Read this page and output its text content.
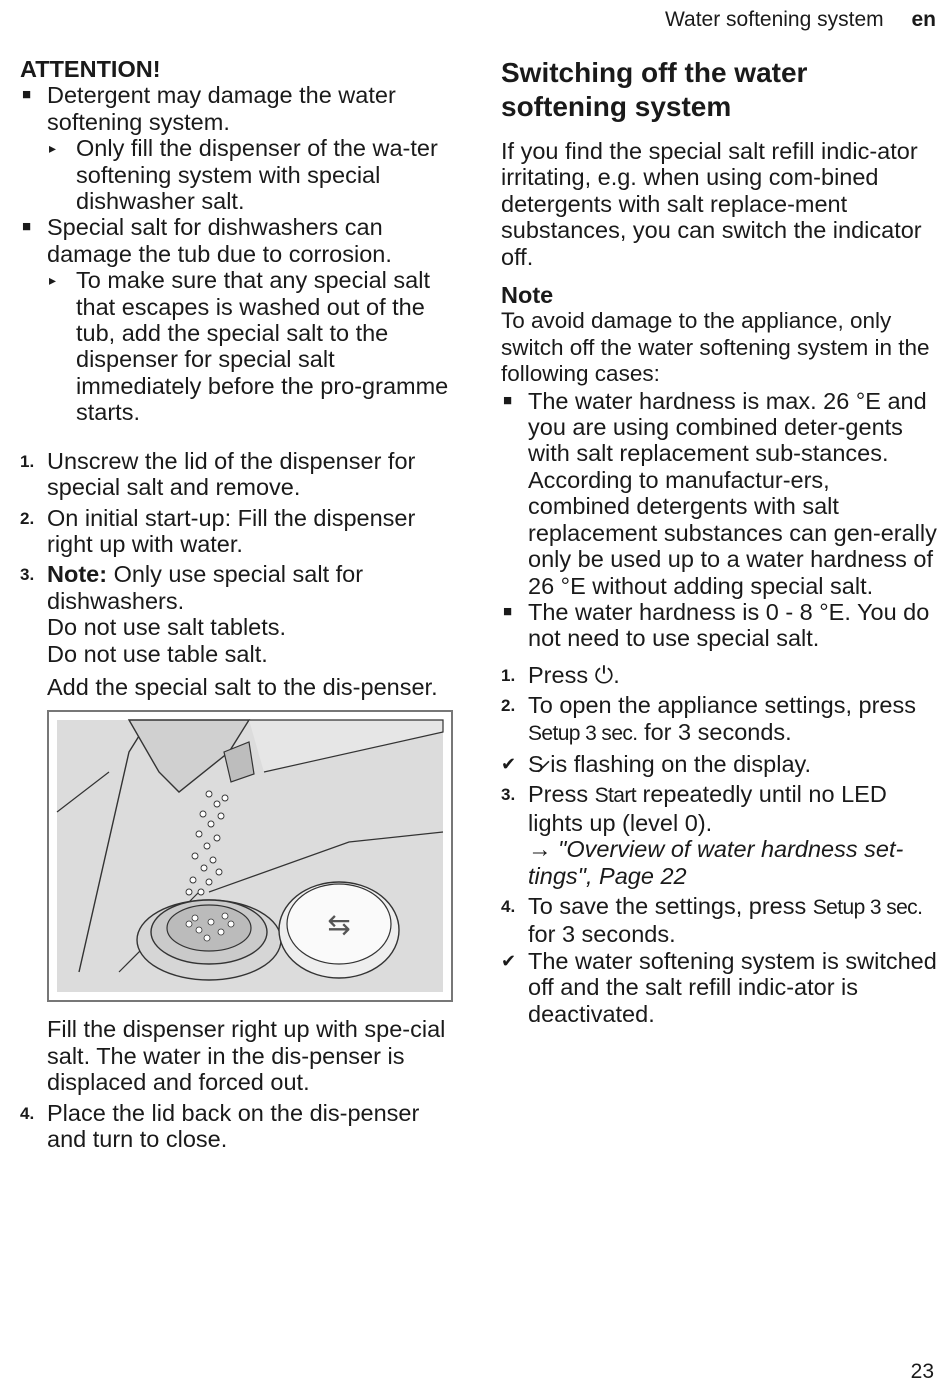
Water softening system en
ATTENTION!
■ Detergent may damage the water softening system.
▸ Only fill the dispenser of the wa-ter softening system with special dishwasher salt.
■ Special salt for dishwashers can damage the tub due to corrosion.
▸ To make sure that any special salt that escapes is washed out of the tub, add the special salt to the dispenser for special salt immediately before the pro-gramme starts.
1. Unscrew the lid of the dispenser for special salt and remove.
2. On initial start-up: Fill the dispenser right up with water.
3. Note: Only use special salt for dishwashers.
Do not use salt tablets.
Do not use table salt.
Add the special salt to the dis-penser.
⇆
Fill the dispenser right up with spe-cial salt. The water in the dis-penser is displaced and forced out.
4. Place the lid back on the dis-penser and turn to close.
Switching off the water softening system
If you find the special salt refill indic-ator irritating, e.g. when using com-bined detergents with salt replace-ment substances, you can switch the indicator off.
Note
To avoid damage to the appliance, only switch off the water softening system in the following cases:
■ The water hardness is max. 26 °E and you are using combined deter-gents with salt replacement sub-stances. According to manufactur-ers, combined detergents with salt replacement substances can gen-erally only be used up to a water hardness of 26 °E without adding special salt.
■ The water hardness is 0 - 8 °E. You do not need to use special salt.
1. Press ⏻.
2. To open the appliance settings, press Setup 3 sec. for 3 seconds.
✔ S̷ is flashing on the display.
3. Press Start repeatedly until no LED lights up (level 0).
→ "Overview of water hardness set-tings", Page 22
4. To save the settings, press Setup 3 sec. for 3 seconds.
✔ The water softening system is switched off and the salt refill indic-ator is deactivated.
23
